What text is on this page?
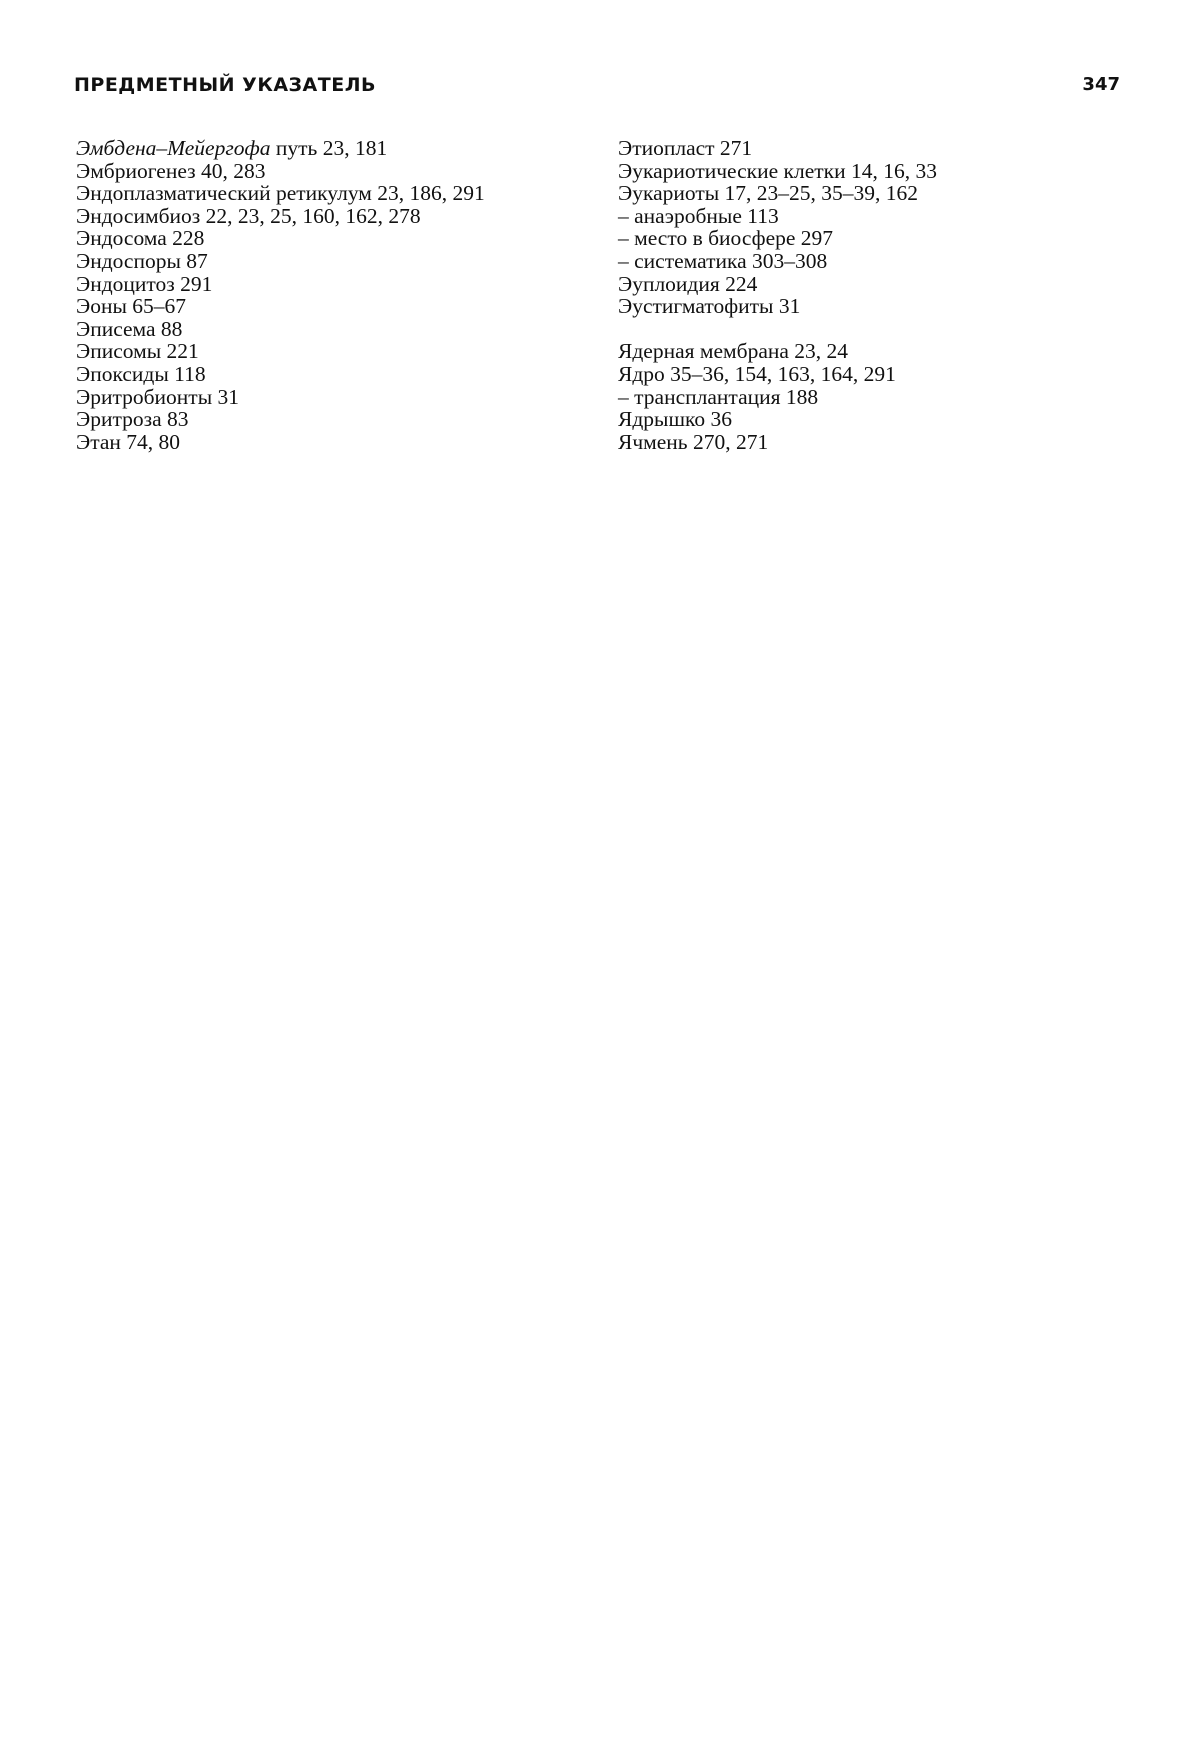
ПРЕДМЕТНЫЙ УКАЗАТЕЛЬ	347
Эмбдена–Мейергофа путь 23, 181
Эмбриогенез 40, 283
Эндоплазматический ретикулум 23, 186, 291
Эндосимбиоз 22, 23, 25, 160, 162, 278
Эндосома 228
Эндоспоры 87
Эндоцитоз 291
Эоны 65–67
Эписема 88
Эписомы 221
Эпоксиды 118
Эритробионты 31
Эритроза 83
Этан 74, 80
Этиопласт 271
Эукариотические клетки 14, 16, 33
Эукариоты 17, 23–25, 35–39, 162
– анаэробные 113
– место в биосфере 297
– систематика 303–308
Эуплоидия 224
Эустигматофиты 31
Ядерная мембрана 23, 24
Ядро 35–36, 154, 163, 164, 291
– трансплантация 188
Ядрышко 36
Ячмень 270, 271
